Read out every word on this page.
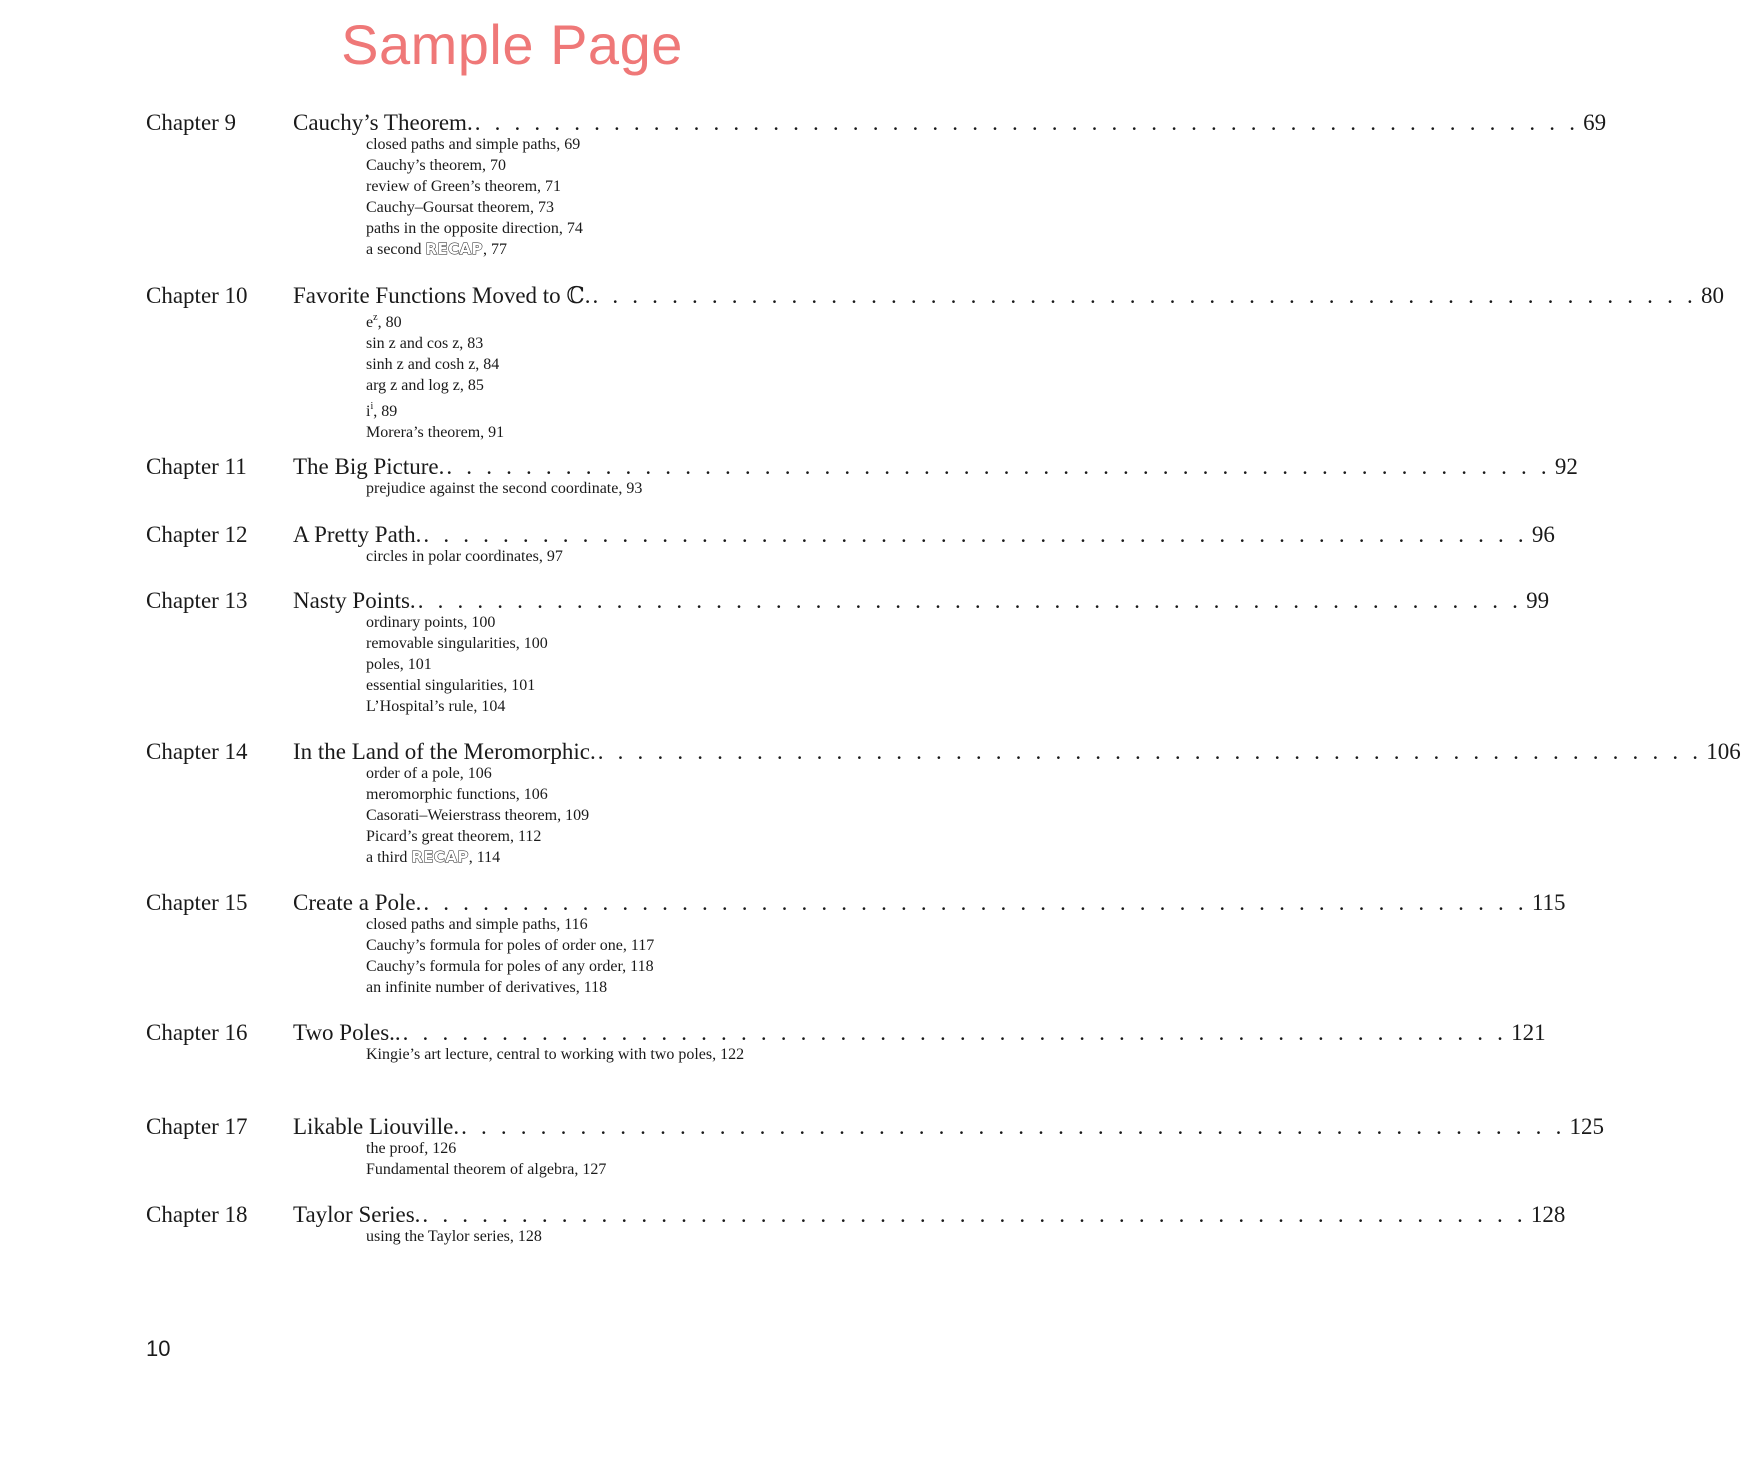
Sample Page
Chapter 9 Cauchy’s Theorem. . . . . . . . . . . . . . . . . . . . . . . . . . . . . . . . . . . . . . . . . . . . . . . . . . . . . . . . . 69
closed paths and simple paths, 69
Cauchy’s theorem, 70
review of Green’s theorem, 71
Cauchy–Goursat theorem, 73
paths in the opposite direction, 74
a second RECAP, 77
Chapter 10 Favorite Functions Moved to ℂ. . . . . . . . . . . . . . . . . . . . . . . . . . . . . . . . . . . . . . . . . . . . . . . . . . . . . . . . . 80
$e^z$, 80
sin z and cos z, 83
sinh z and cosh z, 84
arg z and log z, 85
$i^i$, 89
Morera’s theorem, 91
Chapter 11 The Big Picture. . . . . . . . . . . . . . . . . . . . . . . . . . . . . . . . . . . . . . . . . . . . . . . . . . . . . . . . . 92
prejudice against the second coordinate, 93
Chapter 12 A Pretty Path. . . . . . . . . . . . . . . . . . . . . . . . . . . . . . . . . . . . . . . . . . . . . . . . . . . . . . . . . 96
circles in polar coordinates, 97
Chapter 13 Nasty Points. . . . . . . . . . . . . . . . . . . . . . . . . . . . . . . . . . . . . . . . . . . . . . . . . . . . . . . . . 99
ordinary points, 100
removable singularities, 100
poles, 101
essential singularities, 101
L’Hospital’s rule, 104
Chapter 14 In the Land of the Meromorphic. . . . . . . . . . . . . . . . . . . . . . . . . . . . . . . . . . . . . . . . . . . . . . . . . . . . . . . . . 106
order of a pole, 106
meromorphic functions, 106
Casorati–Weierstrass theorem, 109
Picard’s great theorem, 112
a third RECAP, 114
Chapter 15 Create a Pole. . . . . . . . . . . . . . . . . . . . . . . . . . . . . . . . . . . . . . . . . . . . . . . . . . . . . . . . . 115
closed paths and simple paths, 116
Cauchy’s formula for poles of order one, 117
Cauchy’s formula for poles of any order, 118
an infinite number of derivatives, 118
Chapter 16 Two Poles.. . . . . . . . . . . . . . . . . . . . . . . . . . . . . . . . . . . . . . . . . . . . . . . . . . . . . . . . . 121
Kingie’s art lecture, central to working with two poles, 122
Chapter 17 Likable Liouville. . . . . . . . . . . . . . . . . . . . . . . . . . . . . . . . . . . . . . . . . . . . . . . . . . . . . . . . . 125
the proof, 126
Fundamental theorem of algebra, 127
Chapter 18 Taylor Series. . . . . . . . . . . . . . . . . . . . . . . . . . . . . . . . . . . . . . . . . . . . . . . . . . . . . . . . . 128
using the Taylor series, 128
10
